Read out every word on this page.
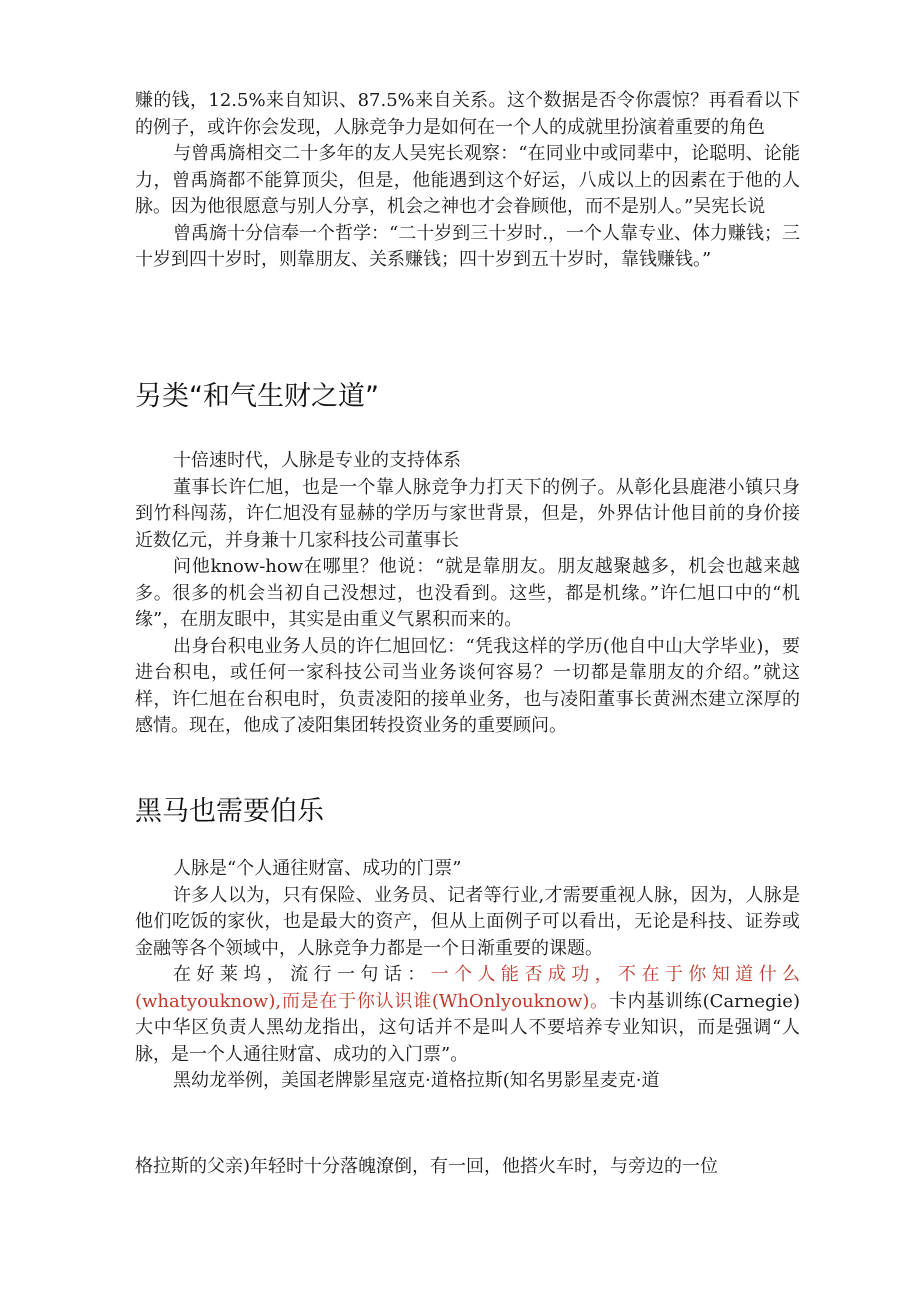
赚的钱，12.5%来自知识、87.5%来自关系。这个数据是否令你震惊？再看看以下的例子，或许你会发现，人脉竞争力是如何在一个人的成就里扮演着重要的角色

与曾禹旖相交二十多年的友人吴宪长观察：“在同业中或同辈中，论聪明、论能力，曾禹旖都不能算顶尖，但是，他能遇到这个好运，八成以上的因素在于他的人脉。因为他很愿意与别人分享，机会之神也才会眷顾他，而不是别人。”吴宪长说

曾禹旖十分信奉一个哲学：“二十岁到三十岁时.，一个人靠专业、体力赚钱；三十岁到四十岁时，则靠朋友、关系赚钱；四十岁到五十岁时，靠钱赚钱。”

另类“和气生财之道”

十倍速时代，人脉是专业的支持体系

董事长许仁旭，也是一个靠人脉竞争力打天下的例子。从彰化县鹿港小镇只身到竹科闯荡，许仁旭没有显赫的学历与家世背景，但是，外界估计他目前的身价接近数亿元，并身兼十几家科技公司董事长

问他know-how在哪里？他说：“就是靠朋友。朋友越聚越多，机会也越来越多。很多的机会当初自己没想过，也没看到。这些，都是机缘。”许仁旭口中的“机缘”，在朋友眼中，其实是由重义气累积而来的。

出身台积电业务人员的许仁旭回忆：“凭我这样的学历(他自中山大学毕业)，要进台积电，或任何一家科技公司当业务谈何容易？一切都是靠朋友的介绍。”就这样，许仁旭在台积电时，负责凌阳的接单业务，也与凌阳董事长黄洲杰建立深厚的感情。现在，他成了凌阳集团转投资业务的重要顾问。

黑马也需要伯乐

人脉是“个人通往财富、成功的门票”

许多人以为，只有保险、业务员、记者等行业,才需要重视人脉，因为，人脉是他们吃饭的家伙，也是最大的资产，但从上面例子可以看出，无论是科技、证券或金融等各个领域中，人脉竞争力都是一个日渐重要的课题。

在好莱坞，流行一句话：一个人能否成功，不在于你知道什么(whatyouknow),而是在于你认识谁(WhOnlyouknow)。卡内基训练(Carnegie)大中华区负责人黑幼龙指出，这句话并不是叫人不要培养专业知识，而是强调“人脉，是一个人通往财富、成功的入门票”。

黑幼龙举例，美国老牌影星寇克·道格拉斯(知名男影星麦克·道

格拉斯的父亲)年轻时十分落魄潦倒，有一回，他搭火车时，与旁边的一位
